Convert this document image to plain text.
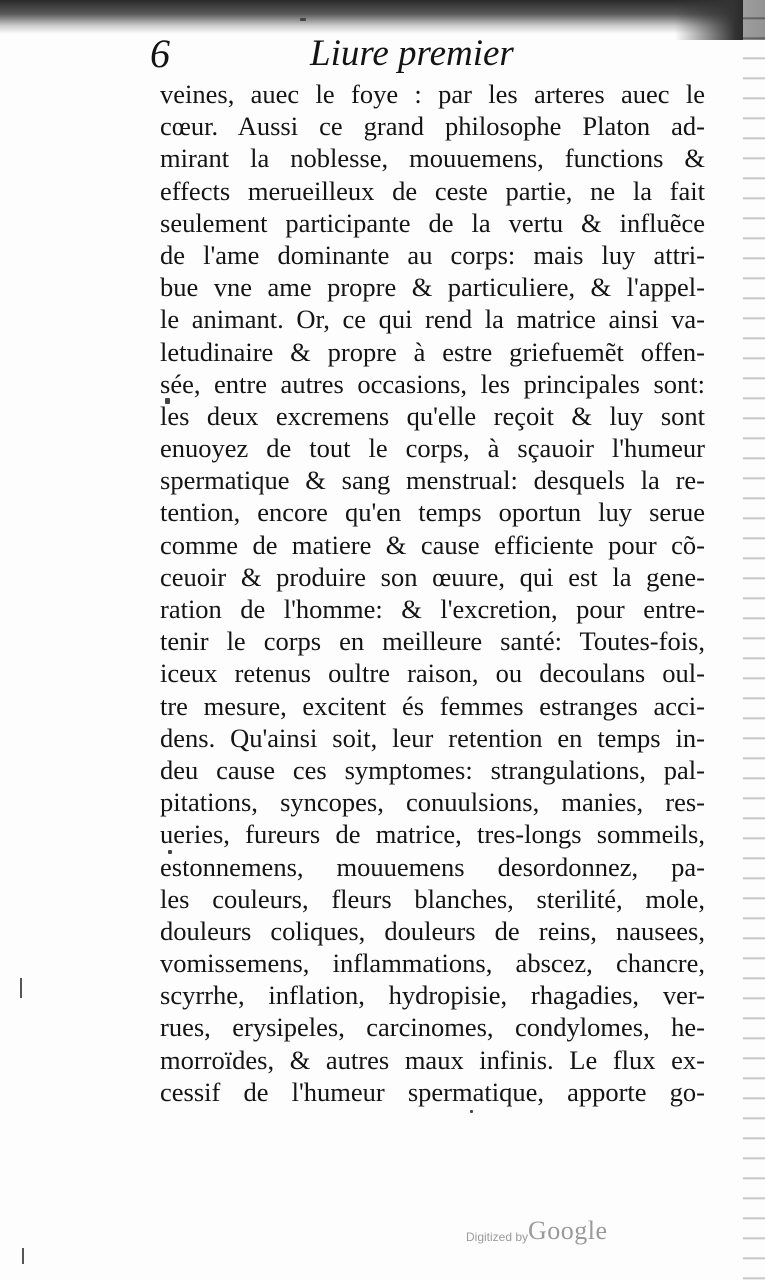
6	Liure premier
veines, auec le foye : par les arteres auec le
cœur. Aussi ce grand philosophe Platon ad-
mirant la noblesse, mouuemens, functions &
effects merueilleux de ceste partie, ne la fait
seulement participante de la vertu & influẽce
de l'ame dominante au corps: mais luy attri-
bue vne ame propre & particuliere, & l'appel-
le animant. Or, ce qui rend la matrice ainsi va-
letudinaire & propre à estre griefuemẽt offen-
sée, entre autres occasions, les principales sont:
les deux excremens qu'elle reçoit & luy sont
enuoyez de tout le corps, à sçauoir l'humeur
spermatique & sang menstrual: desquels la re-
tention, encore qu'en temps oportun luy serue
comme de matiere & cause efficiente pour cõ-
ceuoir & produire son œuure, qui est la gene-
ration de l'homme: & l'excretion, pour entre-
tenir le corps en meilleure santé: Toutes-fois,
iceux retenus oultre raison, ou decoulans oul-
tre mesure, excitent és femmes estranges acci-
dens. Qu'ainsi soit, leur retention en temps in-
deu cause ces symptomes: strangulations, pal-
pitations, syncopes, conuulsions, manies, res-
ueries, fureurs de matrice, tres-longs sommeils,
estonnemens, mouuemens desordonnez, pa-
les couleurs, fleurs blanches, sterilité, mole,
douleurs coliques, douleurs de reins, nausees,
vomissemens, inflammations, abscez, chancre,
scyrrhe, inflation, hydropisie, rhagadies, ver-
rues, erysipeles, carcinomes, condylomes, he-
morroïdes, & autres maux infinis. Le flux ex-
cessif de l'humeur spermatique, apporte go-
Digitized by Google
